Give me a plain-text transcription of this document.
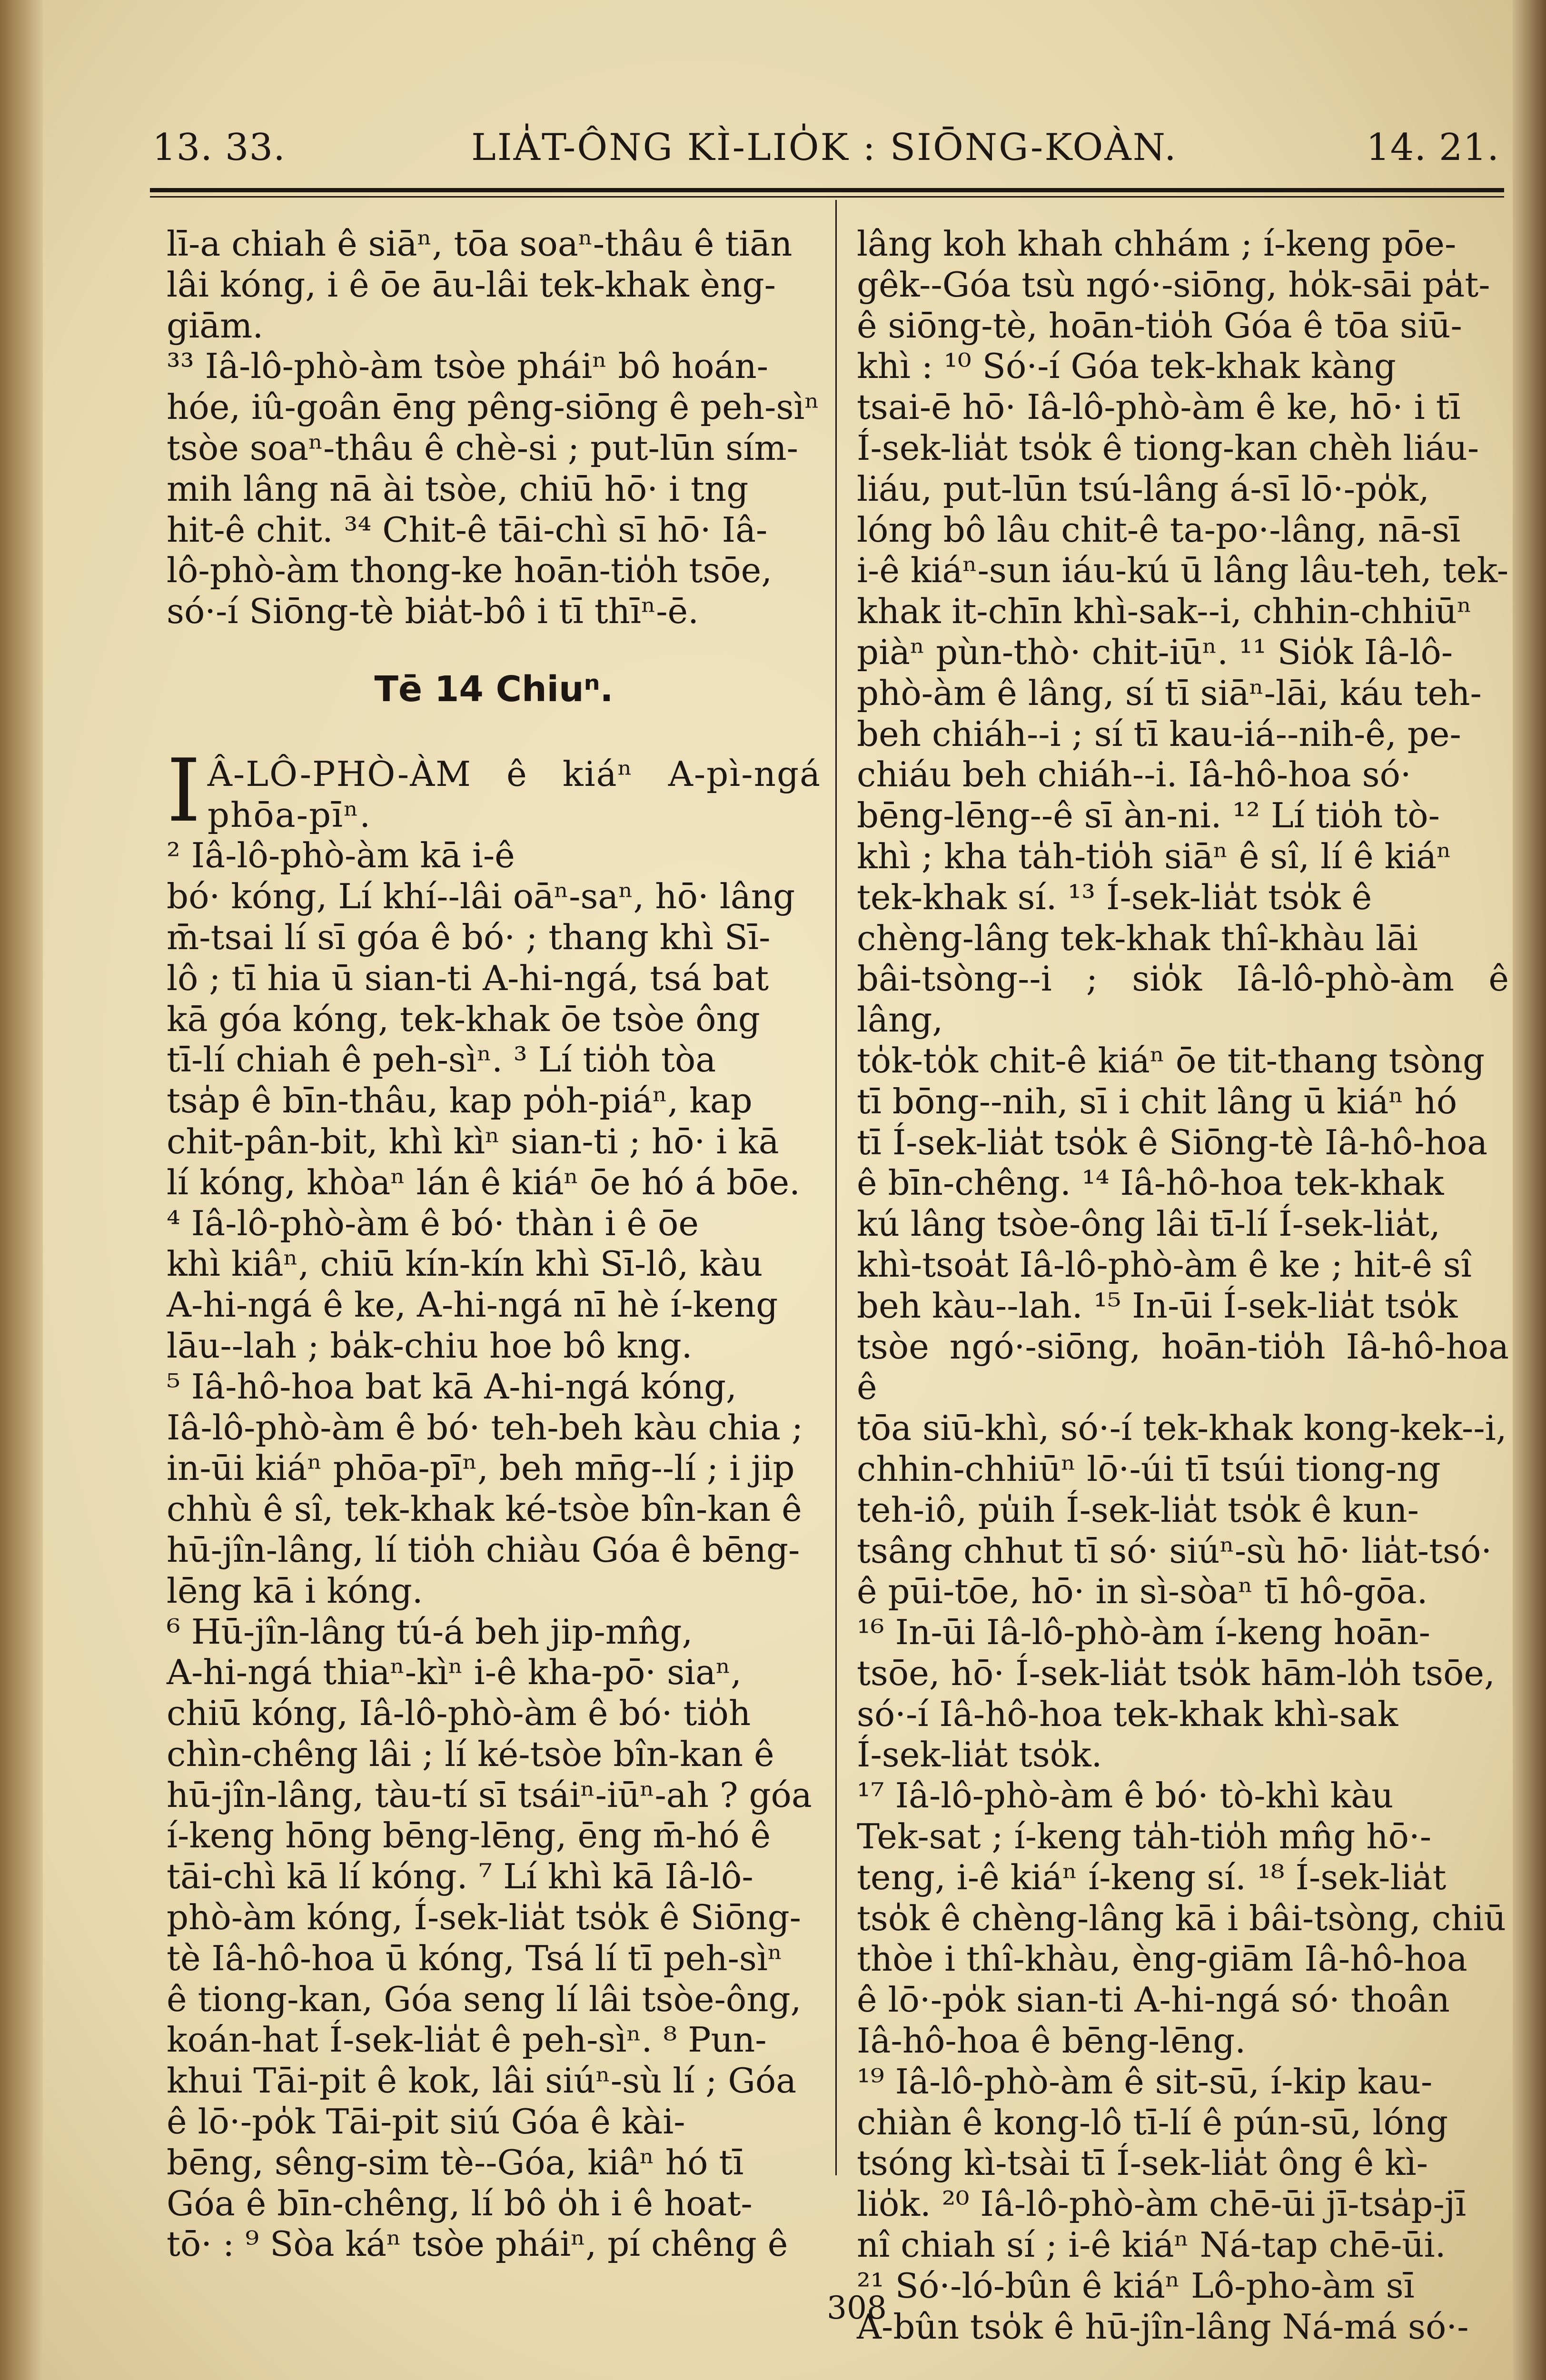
13. 33.	LIA̍T-ÔNG KÌ-LIO̍K : SIŌNG-KOÀN.	14. 21.

lī-a chiah ê siāⁿ, tōa soaⁿ-thâu ê tiān

lâi kóng, i ê ōe āu-lâi tek-khak èng-

giām.

³³ Iâ-lô-phò-àm tsòe pháiⁿ bô hoán-

hóe, iû-goân ēng pêng-siōng ê peh-sìⁿ

tsòe soaⁿ-thâu ê chè-si ; put-lūn sím-

mih lâng nā ài tsòe, chiū hō· i tng

hit-ê chit. ³⁴ Chit-ê tāi-chì sī hō· Iâ-

lô-phò-àm thong-ke hoān-tio̍h tsōe,

só·-í Siōng-tè bia̍t-bô i tī thīⁿ-ē.

Tē 14 Chiuⁿ.
I Â-LÔ-PHÒ-ÀM ê kiáⁿ A-pì-ngá phōa-pīⁿ.

² Iâ-lô-phò-àm kā i-ê

bó· kóng, Lí khí--lâi oāⁿ-saⁿ, hō· lâng

m̄-tsai lí sī góa ê bó· ; thang khì Sī-

lô ; tī hia ū sian-ti A-hi-ngá, tsá bat

kā góa kóng, tek-khak ōe tsòe ông

tī-lí chiah ê peh-sìⁿ. ³ Lí tio̍h tòa

tsa̍p ê bīn-thâu, kap po̍h-piáⁿ, kap

chit-pân-bit, khì kìⁿ sian-ti ; hō· i kā

lí kóng, khòaⁿ lán ê kiáⁿ ōe hó á bōe.

⁴ Iâ-lô-phò-àm ê bó· thàn i ê ōe

khì kiâⁿ, chiū kín-kín khì Sī-lô, kàu

A-hi-ngá ê ke, A-hi-ngá nī hè í-keng

lāu--lah ; ba̍k-chiu hoe bô kng.

⁵ Iâ-hô-hoa bat kā A-hi-ngá kóng,

Iâ-lô-phò-àm ê bó· teh-beh kàu chia ;

in-ūi kiáⁿ phōa-pīⁿ, beh mn̄g--lí ; i jip

chhù ê sî, tek-khak ké-tsòe bîn-kan ê

hū-jîn-lâng, lí tio̍h chiàu Góa ê bēng-

lēng kā i kóng.

⁶ Hū-jîn-lâng tú-á beh jip-mn̂g,

A-hi-ngá thiaⁿ-kìⁿ i-ê kha-pō· siaⁿ,

chiū kóng, Iâ-lô-phò-àm ê bó· tio̍h

chìn-chêng lâi ; lí ké-tsòe bîn-kan ê

hū-jîn-lâng, tàu-tí sī tsáiⁿ-iūⁿ-ah ? góa

í-keng hōng bēng-lēng, ēng m̄-hó ê

tāi-chì kā lí kóng. ⁷ Lí khì kā Iâ-lô-

phò-àm kóng, Í-sek-lia̍t tso̍k ê Siōng-

tè Iâ-hô-hoa ū kóng, Tsá lí tī peh-sìⁿ

ê tiong-kan, Góa seng lí lâi tsòe-ông,

koán-hat Í-sek-lia̍t ê peh-sìⁿ. ⁸ Pun-

khui Tāi-pit ê kok, lâi siúⁿ-sù lí ; Góa

ê lō·-po̍k Tāi-pit siú Góa ê kài-

bēng, sêng-sim tè--Góa, kiâⁿ hó tī

Góa ê bīn-chêng, lí bô o̍h i ê hoat-

tō· : ⁹ Sòa káⁿ tsòe pháiⁿ, pí chêng ê

lâng koh khah chhám ; í-keng pōe-

gêk--Góa tsù ngó·-siōng, ho̍k-sāi pa̍t-

ê siōng-tè, hoān-tio̍h Góa ê tōa siū-

khì : ¹⁰ Só·-í Góa tek-khak kàng

tsai-ē hō· Iâ-lô-phò-àm ê ke, hō· i tī

Í-sek-lia̍t tso̍k ê tiong-kan chèh liáu-

liáu, put-lūn tsú-lâng á-sī lō·-po̍k,

lóng bô lâu chit-ê ta-po·-lâng, nā-sī

i-ê kiáⁿ-sun iáu-kú ū lâng lâu-teh, tek-

khak it-chīn khì-sak--i, chhin-chhiūⁿ

piàⁿ pùn-thò· chit-iūⁿ. ¹¹ Sio̍k Iâ-lô-

phò-àm ê lâng, sí tī siāⁿ-lāi, káu teh-

beh chiáh--i ; sí tī kau-iá--nih-ê, pe-

chiáu beh chiáh--i. Iâ-hô-hoa só·

bēng-lēng--ê sī àn-ni. ¹² Lí tio̍h tò-

khì ; kha ta̍h-tio̍h siāⁿ ê sî, lí ê kiáⁿ

tek-khak sí. ¹³ Í-sek-lia̍t tso̍k ê

chèng-lâng tek-khak thî-khàu lāi

bâi-tsòng--i ; sio̍k Iâ-lô-phò-àm ê lâng,

to̍k-to̍k chit-ê kiáⁿ ōe tit-thang tsòng

tī bōng--nih, sī i chit lâng ū kiáⁿ hó

tī Í-sek-lia̍t tso̍k ê Siōng-tè Iâ-hô-hoa

ê bīn-chêng. ¹⁴ Iâ-hô-hoa tek-khak

kú lâng tsòe-ông lâi tī-lí Í-sek-lia̍t,

khì-tsoa̍t Iâ-lô-phò-àm ê ke ; hit-ê sî

beh kàu--lah. ¹⁵ In-ūi Í-sek-lia̍t tso̍k

tsòe ngó·-siōng, hoān-tio̍h Iâ-hô-hoa ê

tōa siū-khì, só·-í tek-khak kong-kek--i,

chhin-chhiūⁿ lō·-úi tī tsúi tiong-ng

teh-iô, pu̍ih Í-sek-lia̍t tso̍k ê kun-

tsâng chhut tī só· siúⁿ-sù hō· lia̍t-tsó·

ê pūi-tōe, hō· in sì-sòaⁿ tī hô-gōa.

¹⁶ In-ūi Iâ-lô-phò-àm í-keng hoān-

tsōe, hō· Í-sek-lia̍t tso̍k hām-lo̍h tsōe,

só·-í Iâ-hô-hoa tek-khak khì-sak

Í-sek-lia̍t tso̍k.

¹⁷ Iâ-lô-phò-àm ê bó· tò-khì kàu

Tek-sat ; í-keng ta̍h-tio̍h mn̂g hō·-

teng, i-ê kiáⁿ í-keng sí. ¹⁸ Í-sek-lia̍t

tso̍k ê chèng-lâng kā i bâi-tsòng, chiū

thòe i thî-khàu, èng-giām Iâ-hô-hoa

ê lō·-po̍k sian-ti A-hi-ngá só· thoân

Iâ-hô-hoa ê bēng-lēng.

¹⁹ Iâ-lô-phò-àm ê sit-sū, í-kip kau-

chiàn ê kong-lô tī-lí ê pún-sū, lóng

tsóng kì-tsài tī Í-sek-lia̍t ông ê kì-

lio̍k. ²⁰ Iâ-lô-phò-àm chē-ūi jī-tsa̍p-jī

nî chiah sí ; i-ê kiáⁿ Ná-tap chē-ūi.

²¹ Só·-ló-bûn ê kiáⁿ Lô-pho-àm sī

A-bûn tso̍k ê hū-jîn-lâng Ná-má só·-

308
